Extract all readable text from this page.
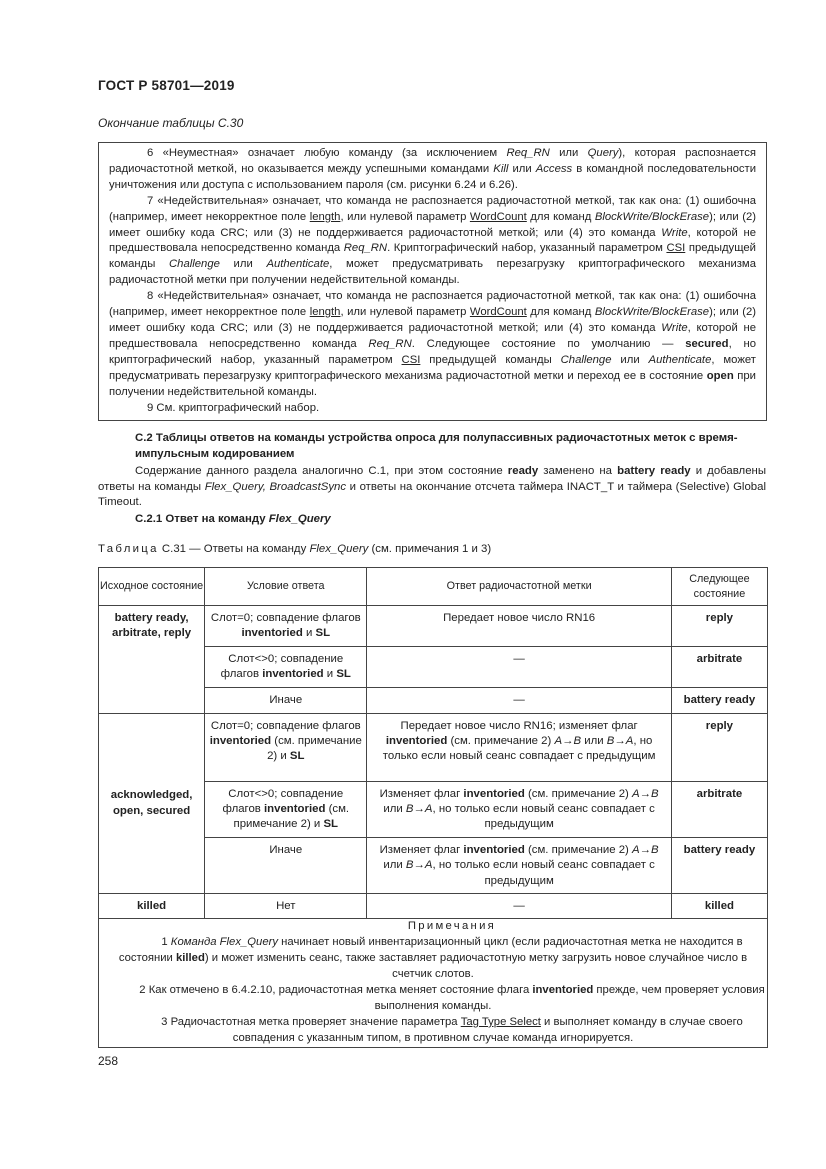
ГОСТ Р 58701—2019
Окончание таблицы С.30

6 «Неуместная» означает любую команду (за исключением Req_RN или Query), которая распознается радиочастотной меткой, но оказывается между успешными командами Kill или Access в командной последовательности уничтожения или доступа с использованием пароля (см. рисунки 6.24 и 6.26).

7 «Недействительная» означает, что команда не распознается радиочастотной меткой, так как она: (1) ошибочна (например, имеет некорректное поле length, или нулевой параметр WordCount для команд BlockWrite/BlockErase); или (2) имеет ошибку кода CRC; или (3) не поддерживается радиочастотной меткой; или (4) это команда Write, которой не предшествовала непосредственно команда Req_RN. Криптографический набор, указанный параметром CSI предыдущей команды Challenge или Authenticate, может предусматривать перезагрузку криптографического механизма радиочастотной метки при получении недействительной команды.

8 «Недействительная» означает, что команда не распознается радиочастотной меткой, так как она: (1) ошибочна (например, имеет некорректное поле length, или нулевой параметр WordCount для команд BlockWrite/BlockErase); или (2) имеет ошибку кода CRC; или (3) не поддерживается радиочастотной меткой; или (4) это команда Write, которой не предшествовала непосредственно команда Req_RN. Следующее состояние по умолчанию — secured, но криптографический набор, указанный параметром CSI предыдущей команды Challenge или Authenticate, может предусматривать перезагрузку криптографического механизма радиочастотной метки и переход ее в состояние open при получении недействительной команды.

9 См. криптографический набор.

С.2 Таблицы ответов на команды устройства опроса для полупассивных радиочастотных меток с время-импульсным кодированием

Содержание данного раздела аналогично С.1, при этом состояние ready заменено на battery ready и добавлены ответы на команды Flex_Query, BroadcastSync и ответы на окончание отсчета таймера INACT_T и таймера (Selective) Global Timeout.

С.2.1 Ответ на команду Flex_Query
Таблица С.31 — Ответы на команду Flex_Query (см. примечания 1 и 3)
Исходное состояние	Условие ответа	Ответ радиочастотной метки	Следующее состояние

battery ready, arbitrate, reply	Слот=0; совпадение флагов inventoried и SL	Передает новое число RN16	reply

	Слот<>0; совпадение флагов inventoried и SL	—	arbitrate

	Иначе	—	battery ready

acknowledged, open, secured	Слот=0; совпадение флагов inventoried (см. примечание 2) и SL	Передает новое число RN16; изменяет флаг inventoried (см. примечание 2) A→B или B→A, но только если новый сеанс совпадает с предыдущим	reply

	Слот<>0; совпадение флагов inventoried (см. примечание 2) и SL	Изменяет флаг inventoried (см. примечание 2) A→B или B→A, но только если новый сеанс совпадает с предыдущим	arbitrate

	Иначе	Изменяет флаг inventoried (см. примечание 2) A→B или B→A, но только если новый сеанс совпадает с предыдущим	battery ready

killed	Нет	—	killed

Примечания

1 Команда Flex_Query начинает новый инвентаризационный цикл (если радиочастотная метка не находится в состоянии killed) и может изменить сеанс, также заставляет радиочастотную метку загрузить новое случайное число в счетчик слотов.

2 Как отмечено в 6.4.2.10, радиочастотная метка меняет состояние флага inventoried прежде, чем проверяет условия выполнения команды.

3 Радиочастотная метка проверяет значение параметра Tag Type Select и выполняет команду в случае своего совпадения с указанным типом, в противном случае команда игнорируется.			

258
